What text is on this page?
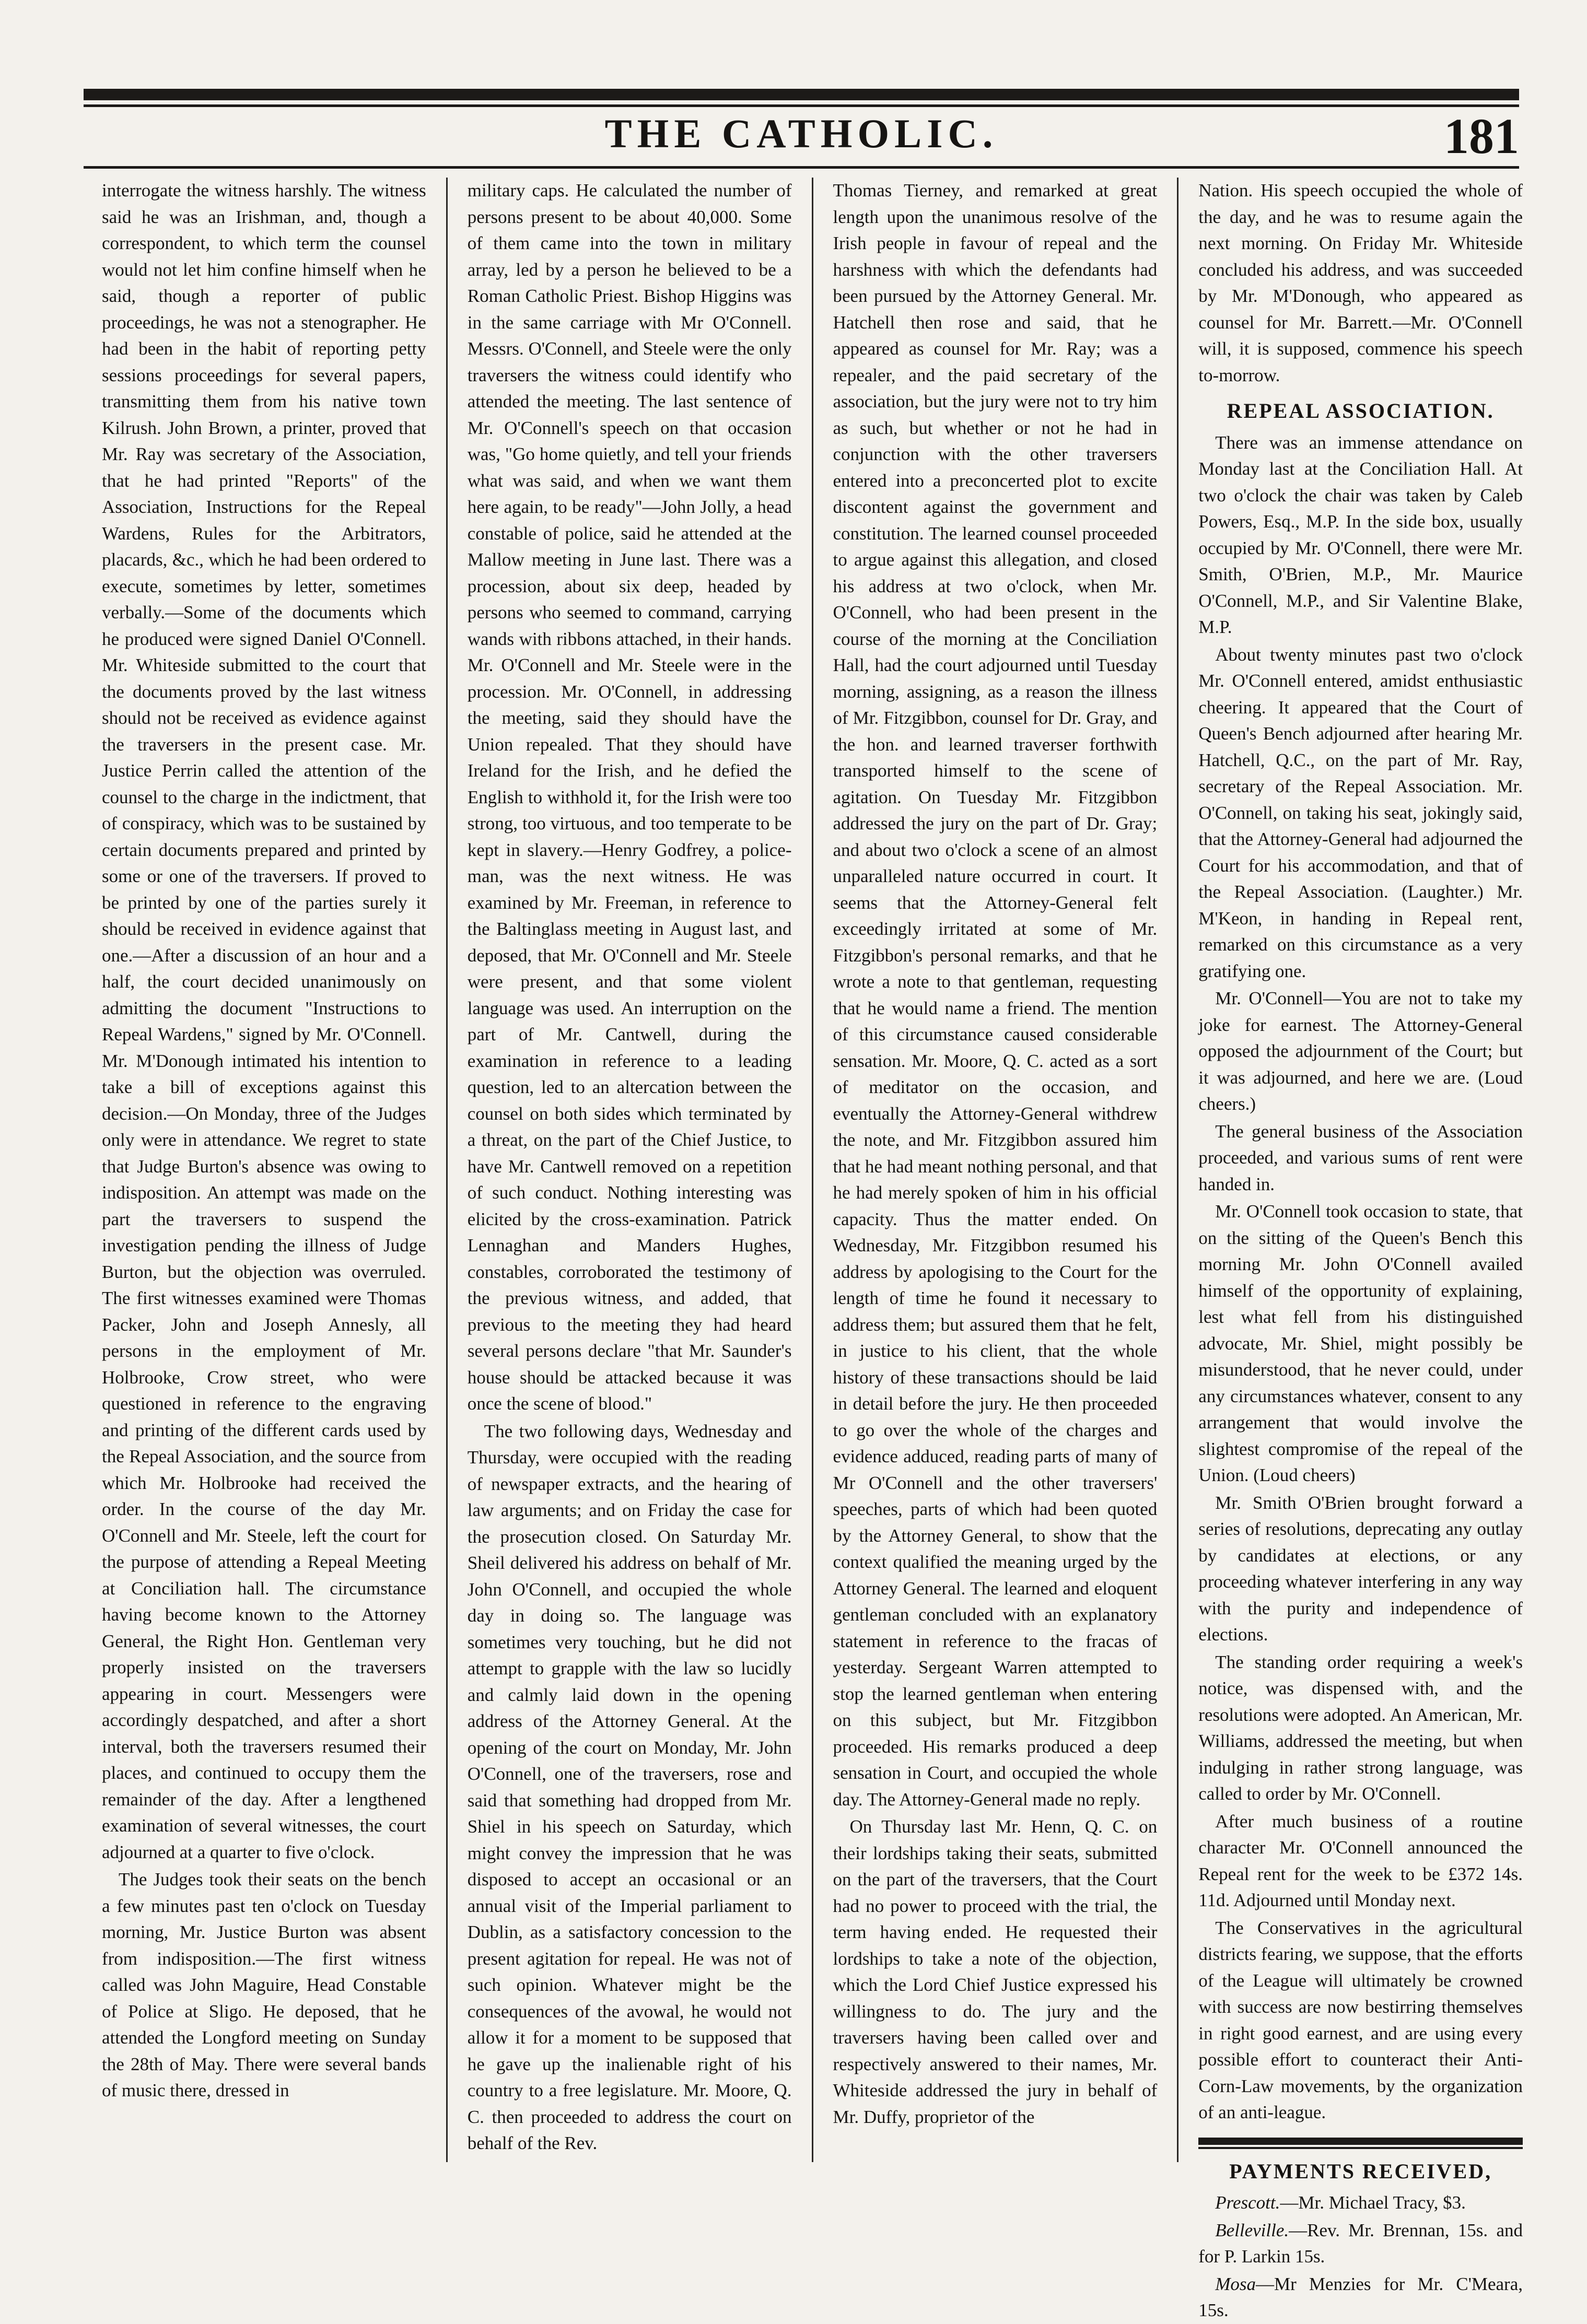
THE CATHOLIC.	181

interrogate the witness harshly. The witness said he was an Irishman, and, though a correspondent, to which term the counsel would not let him confine himself when he said, though a reporter of public proceedings, he was not a stenographer. He had been in the habit of reporting petty sessions proceedings for several papers, transmitting them from his native town Kilrush. John Brown, a printer, proved that Mr. Ray was secretary of the Association, that he had printed "Reports" of the Association, Instructions for the Repeal Wardens, Rules for the Arbitrators, placards, &c., which he had been ordered to execute, sometimes by letter, sometimes verbally.—Some of the documents which he produced were signed Daniel O'Connell. Mr. Whiteside submitted to the court that the documents proved by the last witness should not be received as evidence against the traversers in the present case. Mr. Justice Perrin called the attention of the counsel to the charge in the indictment, that of conspiracy, which was to be sustained by certain documents prepared and printed by some or one of the traversers. If proved to be printed by one of the parties surely it should be received in evidence against that one.—After a discussion of an hour and a half, the court decided unanimously on admitting the document "Instructions to Repeal Wardens," signed by Mr. O'Connell. Mr. M'Donough intimated his intention to take a bill of exceptions against this decision.—On Monday, three of the Judges only were in attendance. We regret to state that Judge Burton's absence was owing to indisposition. An attempt was made on the part the traversers to suspend the investigation pending the illness of Judge Burton, but the objection was overruled. The first witnesses examined were Thomas Packer, John and Joseph Annesly, all persons in the employment of Mr. Holbrooke, Crow street, who were questioned in reference to the engraving and printing of the different cards used by the Repeal Association, and the source from which Mr. Holbrooke had received the order. In the course of the day Mr. O'Connell and Mr. Steele, left the court for the purpose of attending a Repeal Meeting at Conciliation hall. The circumstance having become known to the Attorney General, the Right Hon. Gentleman very properly insisted on the traversers appearing in court. Messengers were accordingly despatched, and after a short interval, both the traversers resumed their places, and continued to occupy them the remainder of the day. After a lengthened examination of several witnesses, the court adjourned at a quarter to five o'clock.

The Judges took their seats on the bench a few minutes past ten o'clock on Tuesday morning, Mr. Justice Burton was absent from indisposition.—The first witness called was John Maguire, Head Constable of Police at Sligo. He deposed, that he attended the Longford meeting on Sunday the 28th of May. There were several bands of music there, dressed in

military caps. He calculated the number of persons present to be about 40,000. Some of them came into the town in military array, led by a person he believed to be a Roman Catholic Priest. Bishop Higgins was in the same carriage with Mr O'Connell. Messrs. O'Connell, and Steele were the only traversers the witness could identify who attended the meeting. The last sentence of Mr. O'Connell's speech on that occasion was, "Go home quietly, and tell your friends what was said, and when we want them here again, to be ready"—John Jolly, a head constable of police, said he attended at the Mallow meeting in June last. There was a procession, about six deep, headed by persons who seemed to command, carrying wands with ribbons attached, in their hands. Mr. O'Connell and Mr. Steele were in the procession. Mr. O'Connell, in addressing the meeting, said they should have the Union repealed. That they should have Ireland for the Irish, and he defied the English to withhold it, for the Irish were too strong, too virtuous, and too temperate to be kept in slavery.—Henry Godfrey, a police-man, was the next witness. He was examined by Mr. Freeman, in reference to the Baltinglass meeting in August last, and deposed, that Mr. O'Connell and Mr. Steele were present, and that some violent language was used. An interruption on the part of Mr. Cantwell, during the examination in reference to a leading question, led to an altercation between the counsel on both sides which terminated by a threat, on the part of the Chief Justice, to have Mr. Cantwell removed on a repetition of such conduct. Nothing interesting was elicited by the cross-examination. Patrick Lennaghan and Manders Hughes, constables, corroborated the testimony of the previous witness, and added, that previous to the meeting they had heard several persons declare "that Mr. Saunder's house should be attacked because it was once the scene of blood."

The two following days, Wednesday and Thursday, were occupied with the reading of newspaper extracts, and the hearing of law arguments; and on Friday the case for the prosecution closed. On Saturday Mr. Sheil delivered his address on behalf of Mr. John O'Connell, and occupied the whole day in doing so. The language was sometimes very touching, but he did not attempt to grapple with the law so lucidly and calmly laid down in the opening address of the Attorney General. At the opening of the court on Monday, Mr. John O'Connell, one of the traversers, rose and said that something had dropped from Mr. Shiel in his speech on Saturday, which might convey the impression that he was disposed to accept an occasional or an annual visit of the Imperial parliament to Dublin, as a satisfactory concession to the present agitation for repeal. He was not of such opinion. Whatever might be the consequences of the avowal, he would not allow it for a moment to be supposed that he gave up the inalienable right of his country to a free legislature. Mr. Moore, Q. C. then proceeded to address the court on behalf of the Rev.

Thomas Tierney, and remarked at great length upon the unanimous resolve of the Irish people in favour of repeal and the harshness with which the defendants had been pursued by the Attorney General. Mr. Hatchell then rose and said, that he appeared as counsel for Mr. Ray; was a repealer, and the paid secretary of the association, but the jury were not to try him as such, but whether or not he had in conjunction with the other traversers entered into a preconcerted plot to excite discontent against the government and constitution. The learned counsel proceeded to argue against this allegation, and closed his address at two o'clock, when Mr. O'Connell, who had been present in the course of the morning at the Conciliation Hall, had the court adjourned until Tuesday morning, assigning, as a reason the illness of Mr. Fitzgibbon, counsel for Dr. Gray, and the hon. and learned traverser forthwith transported himself to the scene of agitation. On Tuesday Mr. Fitzgibbon addressed the jury on the part of Dr. Gray; and about two o'clock a scene of an almost unparalleled nature occurred in court. It seems that the Attorney-General felt exceedingly irritated at some of Mr. Fitzgibbon's personal remarks, and that he wrote a note to that gentleman, requesting that he would name a friend. The mention of this circumstance caused considerable sensation. Mr. Moore, Q. C. acted as a sort of meditator on the occasion, and eventually the Attorney-General withdrew the note, and Mr. Fitzgibbon assured him that he had meant nothing personal, and that he had merely spoken of him in his official capacity. Thus the matter ended. On Wednesday, Mr. Fitzgibbon resumed his address by apologising to the Court for the length of time he found it necessary to address them; but assured them that he felt, in justice to his client, that the whole history of these transactions should be laid in detail before the jury. He then proceeded to go over the whole of the charges and evidence adduced, reading parts of many of Mr O'Connell and the other traversers' speeches, parts of which had been quoted by the Attorney General, to show that the context qualified the meaning urged by the Attorney General. The learned and eloquent gentleman concluded with an explanatory statement in reference to the fracas of yesterday. Sergeant Warren attempted to stop the learned gentleman when entering on this subject, but Mr. Fitzgibbon proceeded. His remarks produced a deep sensation in Court, and occupied the whole day. The Attorney-General made no reply.

On Thursday last Mr. Henn, Q. C. on their lordships taking their seats, submitted on the part of the traversers, that the Court had no power to proceed with the trial, the term having ended. He requested their lordships to take a note of the objection, which the Lord Chief Justice expressed his willingness to do. The jury and the traversers having been called over and respectively answered to their names, Mr. Whiteside addressed the jury in behalf of Mr. Duffy, proprietor of the

Nation. His speech occupied the whole of the day, and he was to resume again the next morning. On Friday Mr. Whiteside concluded his address, and was succeeded by Mr. M'Donough, who appeared as counsel for Mr. Barrett.—Mr. O'Connell will, it is supposed, commence his speech to-morrow.

REPEAL ASSOCIATION.

There was an immense attendance on Monday last at the Conciliation Hall. At two o'clock the chair was taken by Caleb Powers, Esq., M.P. In the side box, usually occupied by Mr. O'Connell, there were Mr. Smith, O'Brien, M.P., Mr. Maurice O'Connell, M.P., and Sir Valentine Blake, M.P.

About twenty minutes past two o'clock Mr. O'Connell entered, amidst enthusiastic cheering. It appeared that the Court of Queen's Bench adjourned after hearing Mr. Hatchell, Q.C., on the part of Mr. Ray, secretary of the Repeal Association. Mr. O'Connell, on taking his seat, jokingly said, that the Attorney-General had adjourned the Court for his accommodation, and that of the Repeal Association. (Laughter.) Mr. M'Keon, in handing in Repeal rent, remarked on this circumstance as a very gratifying one.

Mr. O'Connell—You are not to take my joke for earnest. The Attorney-General opposed the adjournment of the Court; but it was adjourned, and here we are. (Loud cheers.)

The general business of the Association proceeded, and various sums of rent were handed in.

Mr. O'Connell took occasion to state, that on the sitting of the Queen's Bench this morning Mr. John O'Connell availed himself of the opportunity of explaining, lest what fell from his distinguished advocate, Mr. Shiel, might possibly be misunderstood, that he never could, under any circumstances whatever, consent to any arrangement that would involve the slightest compromise of the repeal of the Union. (Loud cheers)

Mr. Smith O'Brien brought forward a series of resolutions, deprecating any outlay by candidates at elections, or any proceeding whatever interfering in any way with the purity and independence of elections.

The standing order requiring a week's notice, was dispensed with, and the resolutions were adopted. An American, Mr. Williams, addressed the meeting, but when indulging in rather strong language, was called to order by Mr. O'Connell.

After much business of a routine character Mr. O'Connell announced the Repeal rent for the week to be £372 14s. 11d. Adjourned until Monday next.

The Conservatives in the agricultural districts fearing, we suppose, that the efforts of the League will ultimately be crowned with success are now bestirring themselves in right good earnest, and are using every possible effort to counteract their Anti-Corn-Law movements, by the organization of an anti-league.

PAYMENTS RECEIVED,

Prescott.—Mr. Michael Tracy, $3.

Belleville.—Rev. Mr. Brennan, 15s. and for P. Larkin 15s.

Mosa—Mr Menzies for Mr. C'Meara, 15s.
